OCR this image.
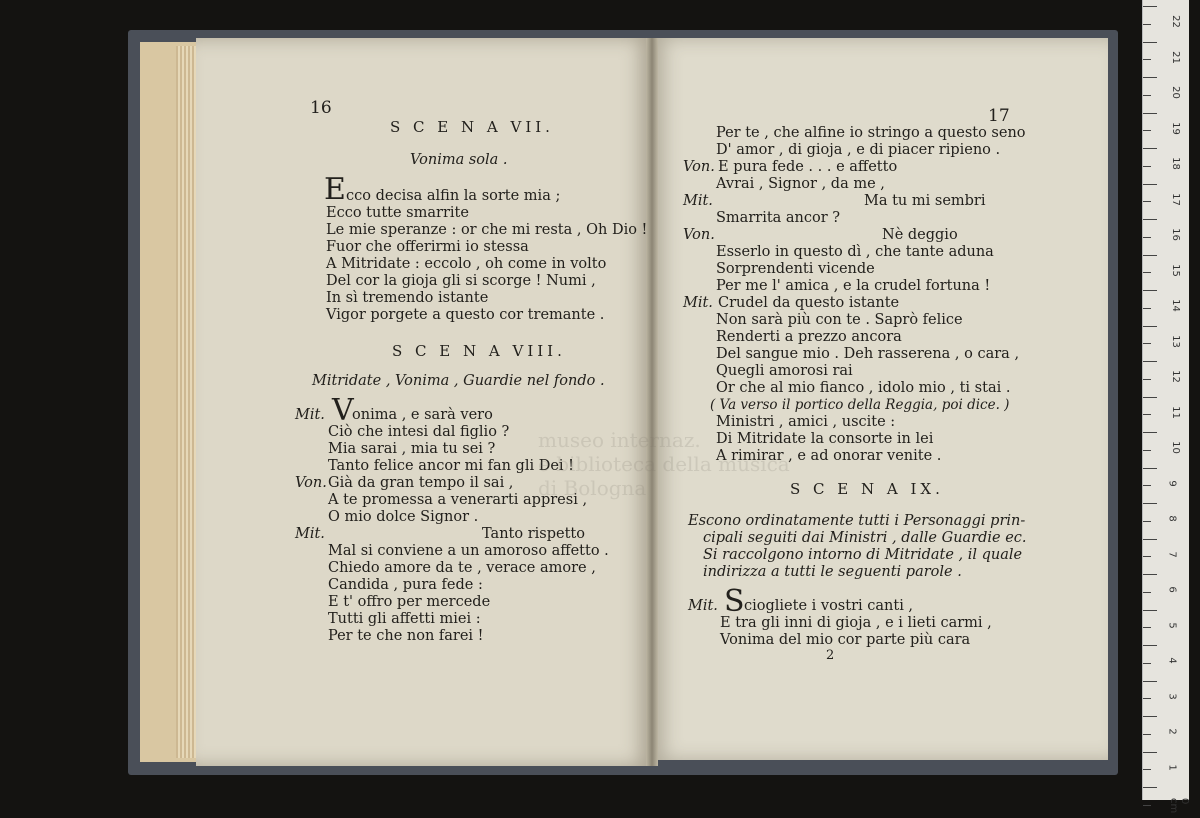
16
S C E N A VII.
Vonima sola .
E cco decisa alfin la sorte mia ;
Ecco tutte smarrite
Le mie speranze : or che mi resta , Oh Dio !
Fuor che offerirmi io stessa
A Mitridate : eccolo , oh come in volto
Del cor la gioja gli si scorge ! Numi ,
In sì tremendo istante
Vigor porgete a questo cor tremante .
S C E N A VIII.
Mitridate , Vonima , Guardie nel fondo .
Mit. V
onima , e sarà vero
Ciò che intesi dal figlio ?
Mia sarai , mia tu sei ?
Tanto felice ancor mi fan gli Dei !
Von. Già da gran tempo il sai ,
A te promessa a venerarti appresi ,
O mio dolce Signor .
Mit.	Tanto rispetto
Mal si conviene a un amoroso affetto .
Chiedo amore da te , verace amore ,
Candida , pura fede :
E t' offro per mercede
Tutti gli affetti miei :
Per te che non farei !
museo internaz.
e biblioteca della musica
di Bologna
17
Per te , che alfine io stringo a questo seno
D' amor , di gioja , e di piacer ripieno .
Von. E pura fede . . . e affetto
Avrai , Signor , da me ,
Mit.	Ma tu mi sembri
Smarrita ancor ?
Von.	Nè deggio
Esserlo in questo dì , che tante aduna
Sorprendenti vicende
Per me l' amica , e la crudel fortuna !
Mit. Crudel da questo istante
Non sarà più con te . Saprò felice
Renderti a prezzo ancora
Del sangue mio . Deh rasserena , o cara ,
Quegli amorosi rai
Or che al mio fianco , idolo mio , ti stai .
( Va verso il portico della Reggia, poi dice. )
Ministri , amici , uscite :
Di Mitridate la consorte in lei
A rimirar , e ad onorar venite .
S C E N A IX.
Escono ordinatamente tutti i Personaggi prin-
cipali seguiti dai Ministri , dalle Guardie ec.
Si raccolgono intorno di Mitridate , il quale
indirizza a tutti le seguenti parole .
Mit. S ciogliete i vostri canti ,
E tra gli inni di gioja , e i lieti carmi ,
Vonima del mio cor parte più cara
2
22
21
20
19
18
17
16
15
14
13
12
11
10
9
8
7
6
5
4
3
2
1
0 cm
